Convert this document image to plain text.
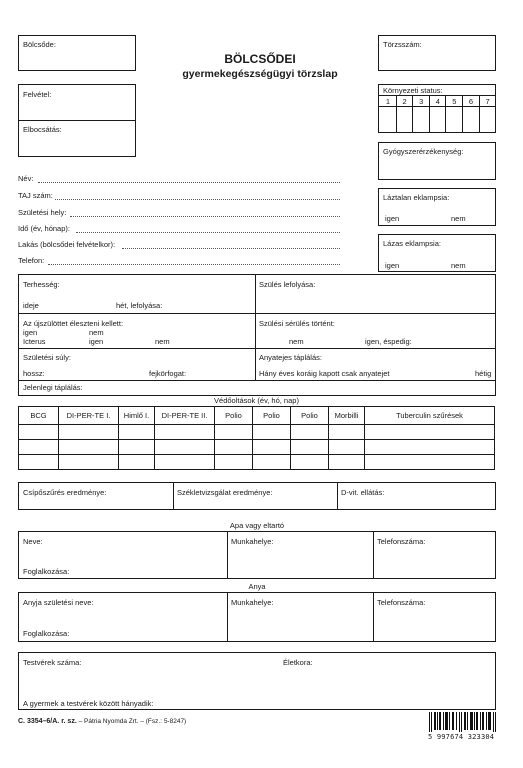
Bölcsőde:
BÖLCSŐDEI
gyermekegészségügyi törzslap
Törzsszám:
Felvétel:
Elbocsátás:
Környezeti status:
1	2	3	4	5	6	7
Gyógyszerérzékenység:
Láztalan eklampsia:
igen	nem
Lázas eklampsia:
igen	nem
Név:
TAJ szám:
Születési hely:
Idő (év, hónap):
Lakás (bölcsődei felvételkor):
Telefon:
Terhesség:
ideje	hét, lefolyása:
Szülés lefolyása:
Az újszülöttet éleszteni kellett:
igen	nem
Icterus	igen	nem
Szülési sérülés történt:
nem	igen, éspedig:
Születési súly:
hossz:	fejkörfogat:
Anyatejes táplálás:
Hány éves koráig kapott csak anyatejet	hétig
Jelenlegi táplálás:
Védőoltások (év, hó, nap)
BCG	DI-PER-TE I.	Himlő I.	DI-PER-TE II.	Polio	Polio	Polio	Morbilli	Tuberculin szűrések

Csípőszűrés eredménye:	Székletvizsgálat eredménye:	D-vit. ellátás:
Apa vagy eltartó
Neve:	Munkahelye:	Telefonszáma:
Foglalkozása:
Anya
Anyja születési neve:	Munkahelye:	Telefonszáma:
Foglalkozása:
Testvérek száma:	Életkora:
A gyermek a testvérek között hányadik:
C. 3354–6/A. r. sz. – Pátria Nyomda Zrt. – (Fsz.: 5-8247)
5 997674 323304
